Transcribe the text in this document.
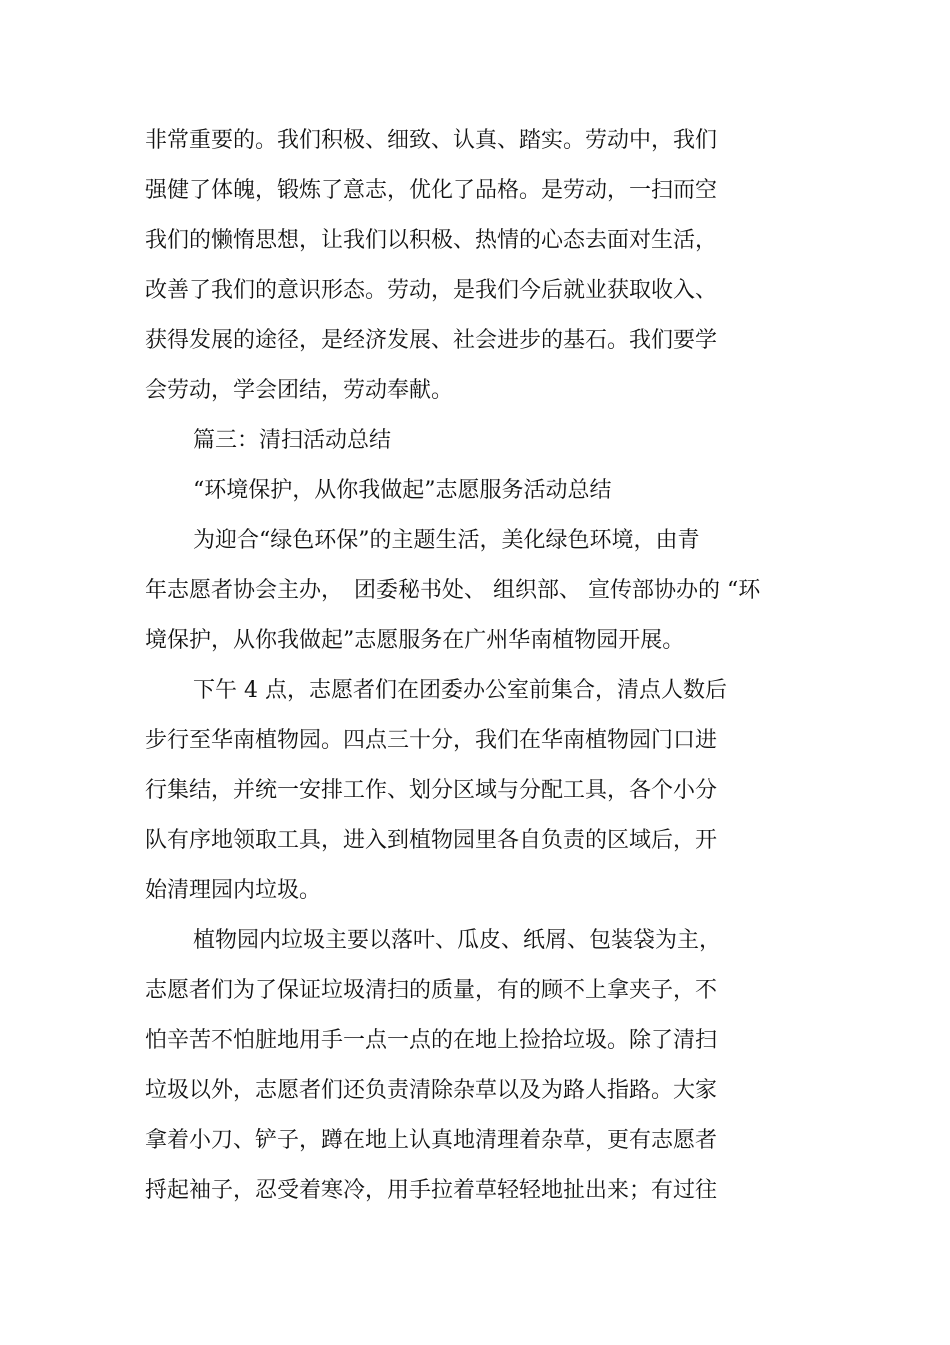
非常重要的。我们积极、细致、认真、踏实。劳动中，我们

强健了体魄，锻炼了意志，优化了品格。是劳动，一扫而空

我们的懒惰思想，让我们以积极、热情的心态去面对生活，

改善了我们的意识形态。劳动，是我们今后就业获取收入、

获得发展的途径，是经济发展、社会进步的基石。我们要学

会劳动，学会团结，劳动奉献。

篇三：清扫活动总结

“环境保护，从你我做起”志愿服务活动总结

为迎合“绿色环保”的主题生活，美化绿色环境，由青

年志愿者协会主办，　团委秘书处、 组织部、 宣传部协办的 “环

境保护，从你我做起”志愿服务在广州华南植物园开展。

下午 4 点，志愿者们在团委办公室前集合，清点人数后

步行至华南植物园。四点三十分，我们在华南植物园门口进

行集结，并统一安排工作、划分区域与分配工具，各个小分

队有序地领取工具，进入到植物园里各自负责的区域后，开

始清理园内垃圾。

植物园内垃圾主要以落叶、瓜皮、纸屑、包装袋为主，

志愿者们为了保证垃圾清扫的质量，有的顾不上拿夹子，不

怕辛苦不怕脏地用手一点一点的在地上捡拾垃圾。除了清扫

垃圾以外，志愿者们还负责清除杂草以及为路人指路。大家

拿着小刀、铲子，蹲在地上认真地清理着杂草，更有志愿者

捋起袖子，忍受着寒冷，用手拉着草轻轻地扯出来；有过往
